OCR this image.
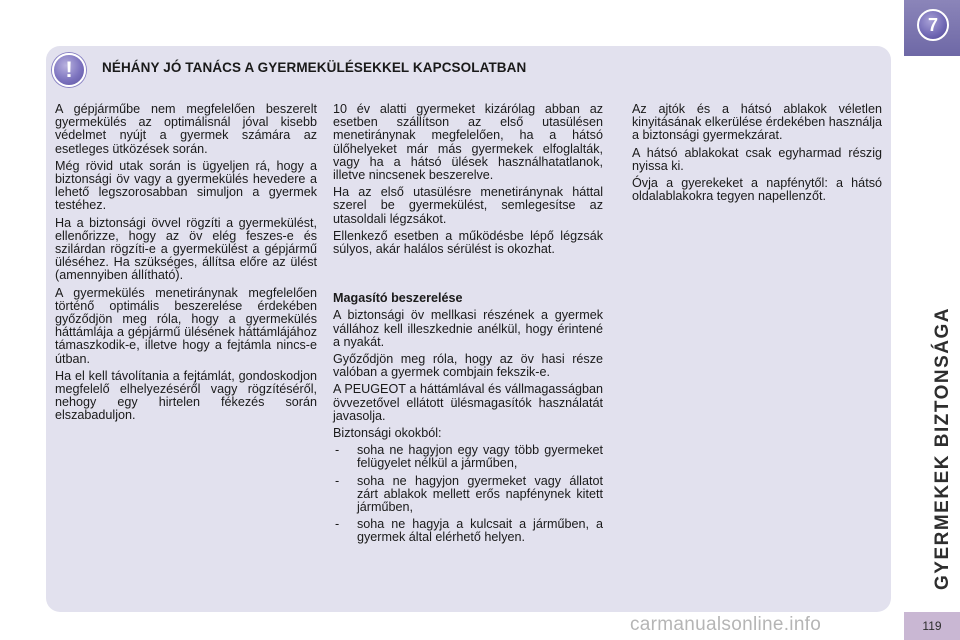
!	NÉHÁNY JÓ TANÁCS A GYERMEKÜLÉSEKKEL KAPCSOLATBAN

A gépjárműbe nem megfelelően beszerelt gyermekülés az optimálisnál jóval kisebb védelmet nyújt a gyermek számára az esetleges ütközések során.

Még rövid utak során is ügyeljen rá, hogy a biztonsági öv vagy a gyermekülés hevedere a lehető legszorosabban simuljon a gyermek testéhez.

Ha a biztonsági övvel rögzíti a gyermekülést, ellenőrizze, hogy az öv elég feszes-e és szilárdan rögzíti-e a gyermekülést a gépjármű üléséhez. Ha szükséges, állítsa előre az ülést (amennyiben állítható).

A gyermekülés menetiránynak megfelelően történő optimális beszerelése érdekében győződjön meg róla, hogy a gyermekülés háttámlája a gépjármű ülésének háttámlájához támaszkodik-e, illetve hogy a fejtámla nincs-e útban.

Ha el kell távolítania a fejtámlát, gondoskodjon megfelelő elhelyezéséről vagy rögzítéséről, nehogy egy hirtelen fékezés során elszabaduljon.

10 év alatti gyermeket kizárólag abban az esetben szállítson az első utasülésen menetiránynak megfelelően, ha a hátsó ülőhelyeket már más gyermekek elfoglalták, vagy ha a hátsó ülések használhatatlanok, illetve nincsenek beszerelve.

Ha az első utasülésre menetiránynak háttal szerel be gyermekülést, semlegesítse az utasoldali légzsákot.

Ellenkező esetben a működésbe lépő légzsák súlyos, akár halálos sérülést is okozhat.

Magasító beszerelése

A biztonsági öv mellkasi részének a gyermek vállához kell illeszkednie anélkül, hogy érintené a nyakát.

Győződjön meg róla, hogy az öv hasi része valóban a gyermek combjain fekszik-e.

A PEUGEOT a háttámlával és vállmagasságban övvezetővel ellátott ülésmagasítók használatát javasolja.

Biztonsági okokból:

- soha ne hagyjon egy vagy több gyermeket felügyelet nélkül a járműben,
- soha ne hagyjon gyermeket vagy állatot zárt ablakok mellett erős napfénynek kitett járműben,
- soha ne hagyja a kulcsait a járműben, a gyermek által elérhető helyen.

Az ajtók és a hátsó ablakok véletlen kinyitásának elkerülése érdekében használja a biztonsági gyermekzárat.

A hátsó ablakokat csak egyharmad részig nyissa ki.

Óvja a gyerekeket a napfénytől: a hátsó oldalablakokra tegyen napellenzőt.

7
GYERMEKEK BIZTONSÁGA
119
carmanualsonline.info
